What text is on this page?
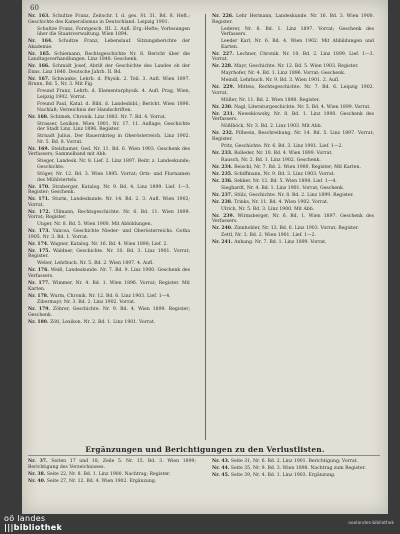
60
Nr. 163. Schultze Franz, Zeitschr. f. d. ges. St. 31. Bd. 8. Heft.; Geschichte des Kameralismus in Deutschland. Leipzig 1901.
Schultze Franz, Forstgesch. III. 2. Aufl. Erg.-Hefte; Vorlesungen über die Staatsverwaltung. Wien 1894.
Nr. 164. Schultze Franz, Lebenslauf. Sitzungsberichte der Akademie.
Nr. 165. Schiemann, Rechtsgeschichte Nr. 8. Bericht über die Landtagsverhandlungen. Linz 1848. Geschenk.
Nr. 166. Schmidt Josef, Abriß der Geschichte des Landes ob der Enns. Linz 1840. Deutsche Jahrb. II. Bd.
Nr. 167. Schwanke, Lehrb. d. Physik. 2. Teil. 3. Aufl. Wien 1897. Brunn, Bd. 5, Nr. 3. Mit Fig.
Freund Franz, Lehrb. d. Elementarphysik. 4. Aufl. Prag, Wien, Leipzig 1902. Vorrat.
Freund Paul, Katal. d. Bibl. d. Landesbibl.; Bericht. Wien 1896. Nachlaß; Verzeichnis der Handschriften.
Nr. 168. Schimek, Chronik. Linz 1883. Nr. 7. Bd. 4. Vorrat.
Strasser, Lexikon. Wien 1901. Nr. 17. 11. Auflage; Geschichte der Stadt Linz. Linz 1896. Register.
Strnadt Julius, Der Bauernkrieg in Oberösterreich. Linz 1902. Nr. 5. Bd. 8. Vorrat.
Nr. 169. Stelzhamer, Ged. Nr. 11. Bd. 6. Wien 1903. Geschenk des Verfassers; Sammelband mit Abb.
Stieger, Landesk. Nr. 8. Lief. 2. Linz 1897. Beitr. z. Landeskunde; Geschichte.
Stöger, Nr. 12. Bd. 3. Wien 1895. Vorrat; Orts- und Flurnamen des Mühlviertels.
Nr. 170. Straberger, Katalog. Nr. 9. Bd. 4. Linz 1899. Lief. 1—3. Register; Geschenk.
Nr. 171. Sturm, Landeskunde. Nr. 14. Bd. 2. 3. Aufl. Wien 1902; Vorrat.
Nr. 172. Ullmann, Rechtsgeschichte. Nr. 6. Bd. 11. Wien 1899. Vorrat; Register.
Unger, Nr. 8. Bd. 5. Wien 1900. Mit Abbildungen.
Nr. 173. Vancsa, Geschichte Nieder- und Oberösterreichs. Gotha 1905. Nr. 3. Bd. 1. Vorrat.
Nr. 174. Wagner, Katalog. Nr. 16. Bd. 4. Wien 1898; Lief. 2.
Nr. 175. Waldner, Geschichte. Nr. 10. Bd. 3. Linz 1901. Vorrat; Register.
Weber, Lehrbuch. Nr. 5. Bd. 2. Wien 1897. 4. Aufl.
Nr. 176. Weiß, Landeskunde. Nr. 7. Bd. 9. Linz 1900. Geschenk des Verfassers.
Nr. 177. Wimmer, Nr. 4. Bd. 1. Wien 1896. Vorrat; Register. Mit Karten.
Nr. 178. Wurm, Chronik. Nr. 12. Bd. 6. Linz 1903. Lief. 1—4.
Zibermayr, Nr. 3. Bd. 2. Linz 1902. Vorrat.
Nr. 179. Zöhrer, Geschichte. Nr. 9. Bd. 4. Wien 1899. Register; Geschenk.
Nr. 180. Zötl, Lexikon. Nr. 2. Bd. 1. Linz 1901. Vorrat.
Nr. 226. Lehr Hermann, Landeskunde. Nr. 16. Bd. 3. Wien 1900. Register.
Lederer, Nr. 8. Bd. 1. Linz 1897. Vorrat; Geschenk des Verfassers.
Leeder Karl, Nr. 6. Bd. 4. Wien 1902. Mit Abbildungen und Karten.
Nr. 227. Lechner, Chronik. Nr. 10. Bd. 2. Linz 1899. Lief. 1—3. Vorrat.
Nr. 228. Mayr, Geschichte. Nr. 12. Bd. 5. Wien 1903. Register.
Mayrhofer, Nr. 4. Bd. 1. Linz 1896. Vorrat; Geschenk.
Meindl, Lehrbuch. Nr. 9. Bd. 3. Wien 1901. 2. Aufl.
Nr. 229. Mitteis, Rechtsgeschichte. Nr. 7. Bd. 6. Leipzig 1902. Vorrat.
Müller, Nr. 11. Bd. 2. Wien 1898. Register.
Nr. 230. Nagl, Literaturgeschichte. Nr. 5. Bd. 4. Wien 1899. Vorrat.
Nr. 231. Neweklowsky, Nr. 8. Bd. 1. Linz 1900. Geschenk des Verfassers.
Nößlböck, Nr. 3. Bd. 2. Linz 1903. Mit Abb.
Nr. 232. Pillwein, Beschreibung. Nr. 14. Bd. 5. Linz 1897. Vorrat; Register.
Pritz, Geschichte. Nr. 6. Bd. 3. Linz 1901. Lief. 1—2.
Nr. 233. Rolleder, Nr. 10. Bd. 4. Wien 1899. Vorrat.
Rausch, Nr. 2. Bd. 1. Linz 1902. Geschenk.
Nr. 234. Reischl, Nr. 7. Bd. 2. Wien 1900. Register; Mit Karten.
Nr. 235. Schiffmann, Nr. 9. Bd. 3. Linz 1903. Vorrat.
Nr. 236. Sekker, Nr. 12. Bd. 5. Wien 1898. Lief. 1—4.
Sieghardt, Nr. 4. Bd. 1. Linz 1901. Vorrat; Geschenk.
Nr. 237. Stülz, Geschichte. Nr. 8. Bd. 2. Linz 1899. Register.
Nr. 238. Trinks, Nr. 11. Bd. 4. Wien 1902. Vorrat.
Ulrich, Nr. 5. Bd. 3. Linz 1900. Mit Abb.
Nr. 239. Wirmsberger, Nr. 6. Bd. 1. Wien 1897. Geschenk des Verfassers.
Nr. 240. Zinnhobler, Nr. 13. Bd. 6. Linz 1903. Vorrat; Register.
Zettl, Nr. 3. Bd. 2. Wien 1901. Lief. 1—2.
Nr. 241. Anhang. Nr. 7. Bd. 1. Linz 1899. Vorrat.
Ergänzungen und Berichtigungen zu den Verlustlisten.
Nr. 37. Seiten 17 und 18, Zeile 5. Nr. 15. Bd. 3. Wien 1899; Berichtigung des Verzeichnisses.
Nr. 38. Seite 22, Nr. 8. Bd. 1. Linz 1900. Nachtrag; Register.
Nr. 40. Seite 27, Nr. 12. Bd. 4. Wien 1902. Ergänzung.
Nr. 43. Seite 31, Nr. 6. Bd. 2. Linz 1901. Berichtigung; Vorrat.
Nr. 44. Seite 35, Nr. 9. Bd. 3. Wien 1898. Nachtrag zum Register.
Nr. 45. Seite 39, Nr. 4. Bd. 1. Linz 1903. Ergänzung.
oö landes
|||bibliothek	ooelandes-bibliothek
